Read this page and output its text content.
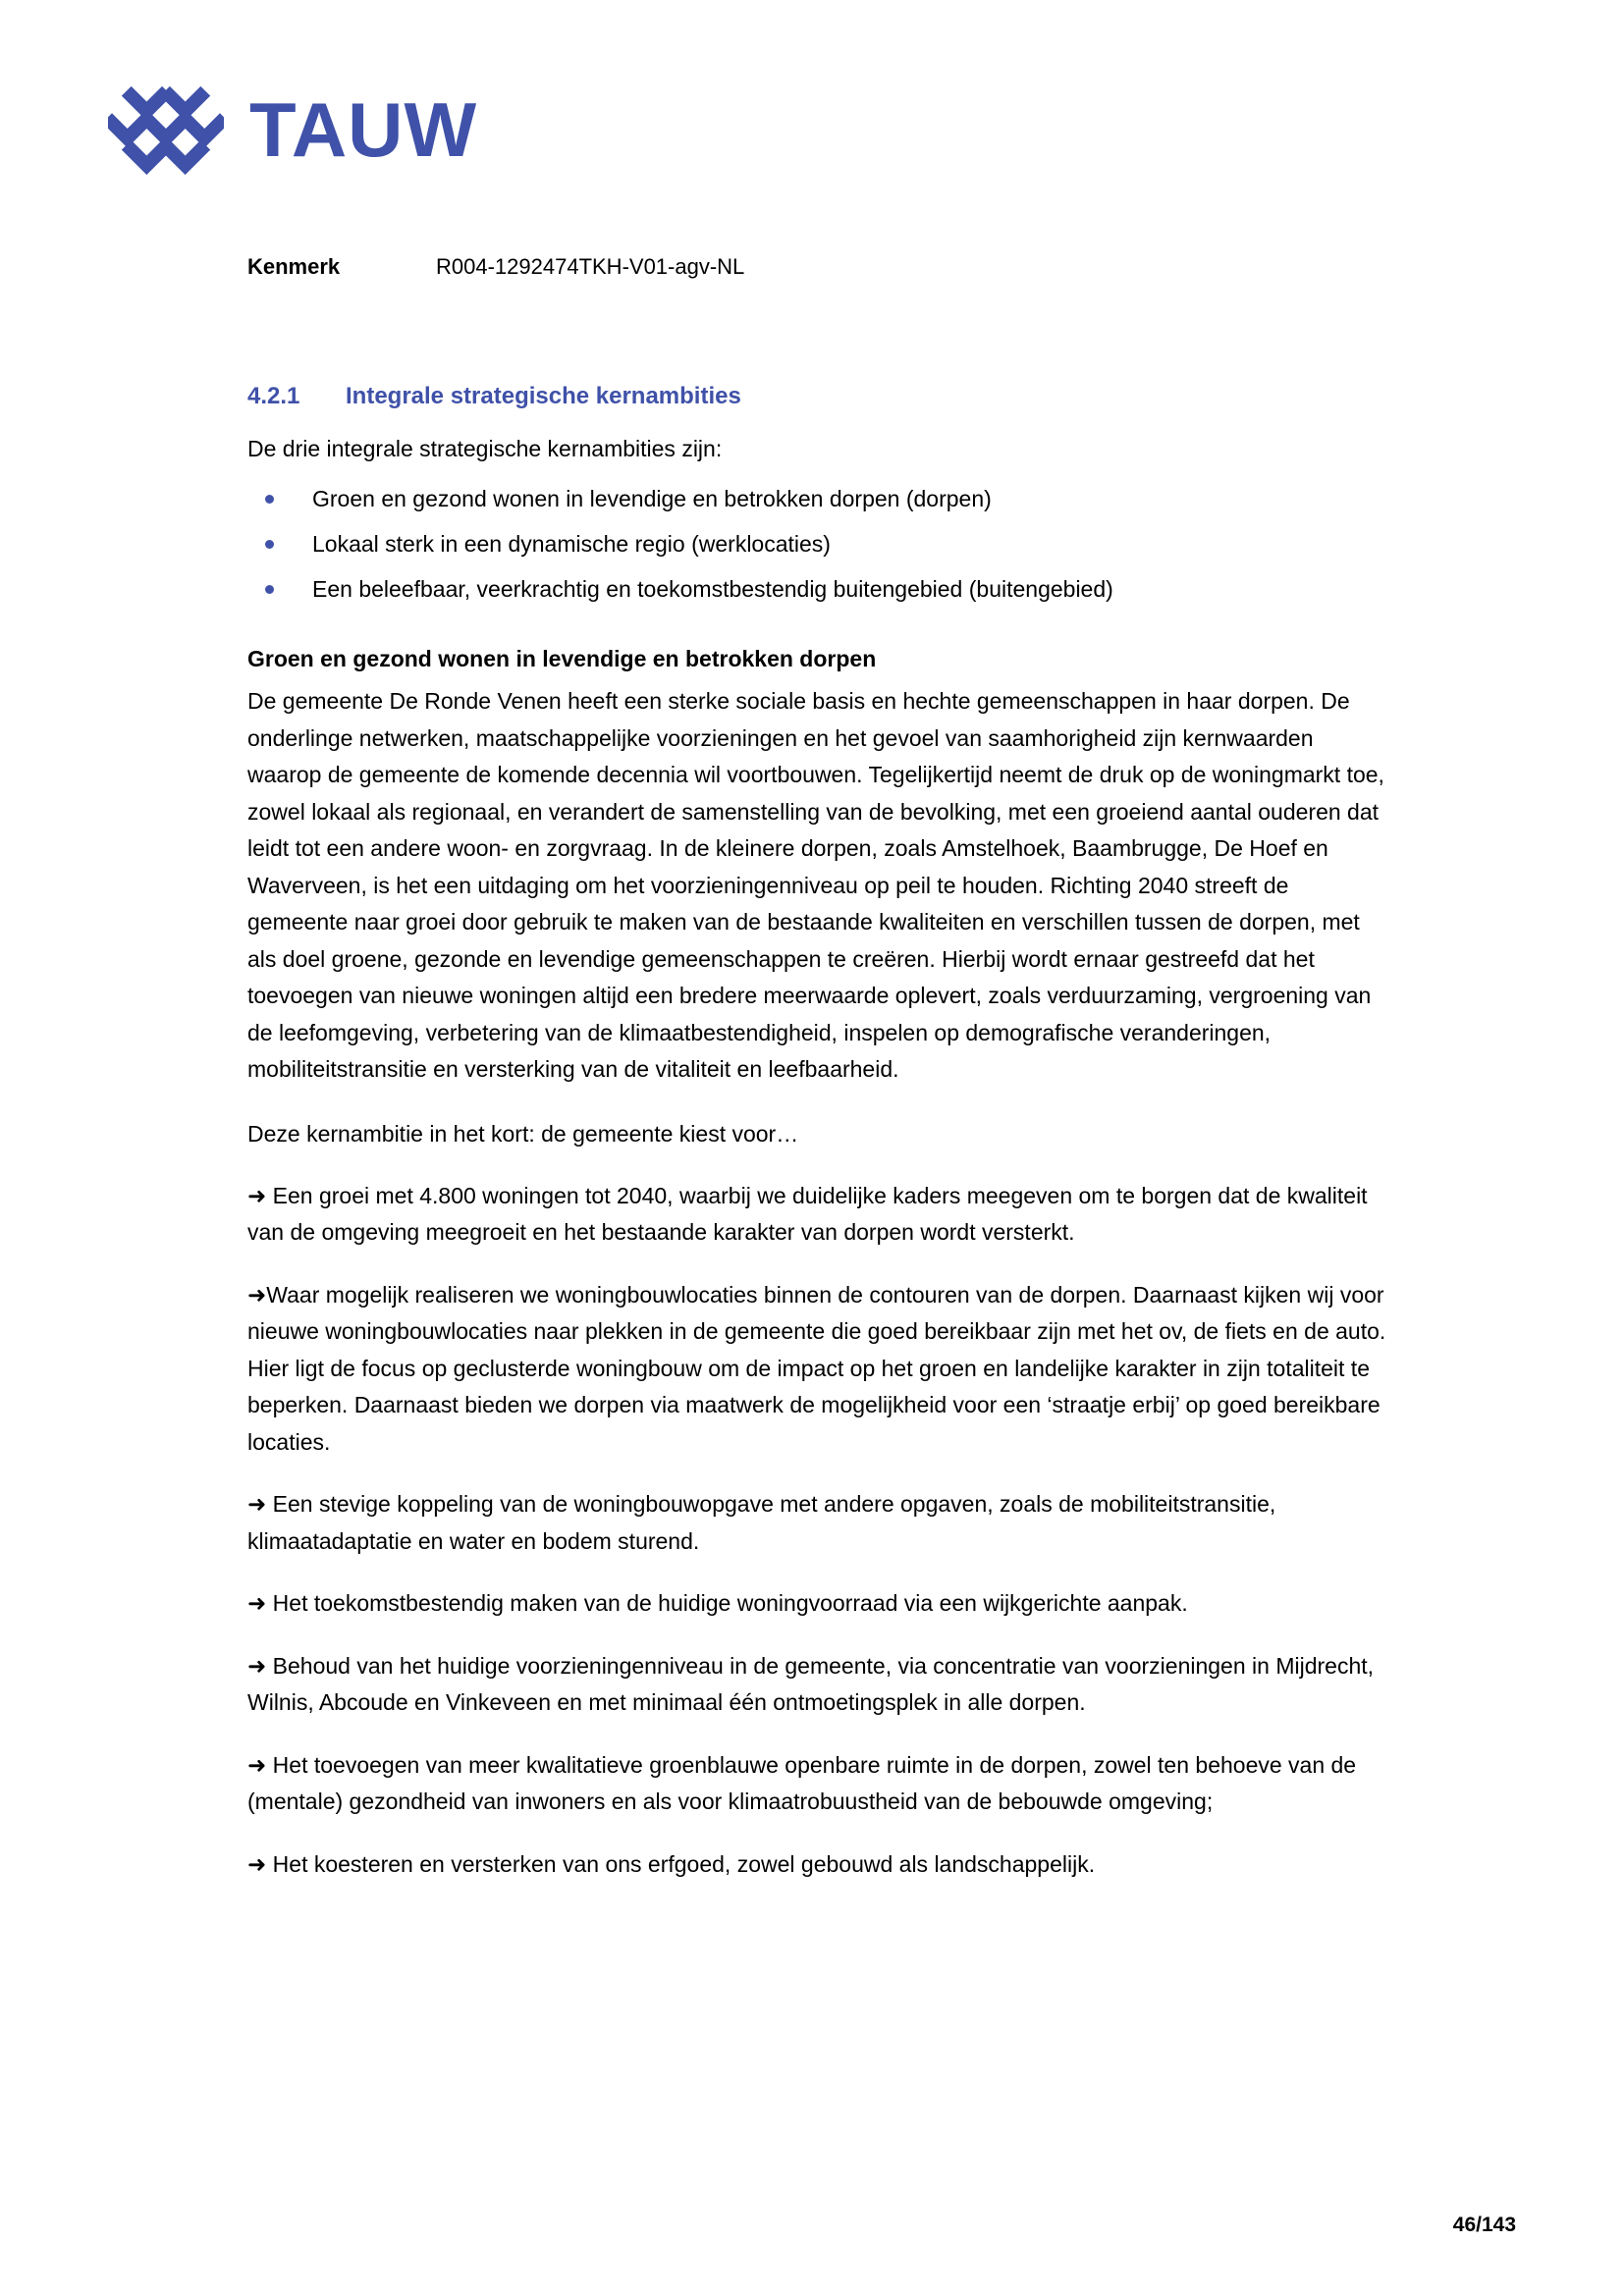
TAUW
Kenmerk	R004-1292474TKH-V01-agv-NL
4.2.1	Integrale strategische kernambities
De drie integrale strategische kernambities zijn:
Groen en gezond wonen in levendige en betrokken dorpen (dorpen)
Lokaal sterk in een dynamische regio (werklocaties)
Een beleefbaar, veerkrachtig en toekomstbestendig buitengebied (buitengebied)
Groen en gezond wonen in levendige en betrokken dorpen

De gemeente De Ronde Venen heeft een sterke sociale basis en hechte gemeenschappen in haar dorpen. De onderlinge netwerken, maatschappelijke voorzieningen en het gevoel van saamhorigheid zijn kernwaarden waarop de gemeente de komende decennia wil voortbouwen. Tegelijkertijd neemt de druk op de woningmarkt toe, zowel lokaal als regionaal, en verandert de samenstelling van de bevolking, met een groeiend aantal ouderen dat leidt tot een andere woon- en zorgvraag. In de kleinere dorpen, zoals Amstelhoek, Baambrugge, De Hoef en Waverveen, is het een uitdaging om het voorzieningenniveau op peil te houden. Richting 2040 streeft de gemeente naar groei door gebruik te maken van de bestaande kwaliteiten en verschillen tussen de dorpen, met als doel groene, gezonde en levendige gemeenschappen te creëren. Hierbij wordt ernaar gestreefd dat het toevoegen van nieuwe woningen altijd een bredere meerwaarde oplevert, zoals verduurzaming, vergroening van de leefomgeving, verbetering van de klimaatbestendigheid, inspelen op demografische veranderingen, mobiliteitstransitie en versterking van de vitaliteit en leefbaarheid.

Deze kernambitie in het kort: de gemeente kiest voor…

➜ Een groei met 4.800 woningen tot 2040, waarbij we duidelijke kaders meegeven om te borgen dat de kwaliteit van de omgeving meegroeit en het bestaande karakter van dorpen wordt versterkt.

➜Waar mogelijk realiseren we woningbouwlocaties binnen de contouren van de dorpen. Daarnaast kijken wij voor nieuwe woningbouwlocaties naar plekken in de gemeente die goed bereikbaar zijn met het ov, de fiets en de auto. Hier ligt de focus op geclusterde woningbouw om de impact op het groen en landelijke karakter in zijn totaliteit te beperken. Daarnaast bieden we dorpen via maatwerk de mogelijkheid voor een ‘straatje erbij’ op goed bereikbare locaties.

➜ Een stevige koppeling van de woningbouwopgave met andere opgaven, zoals de mobiliteitstransitie, klimaatadaptatie en water en bodem sturend.

➜ Het toekomstbestendig maken van de huidige woningvoorraad via een wijkgerichte aanpak.

➜ Behoud van het huidige voorzieningenniveau in de gemeente, via concentratie van voorzieningen in Mijdrecht, Wilnis, Abcoude en Vinkeveen en met minimaal één ontmoetingsplek in alle dorpen.

➜ Het toevoegen van meer kwalitatieve groenblauwe openbare ruimte in de dorpen, zowel ten behoeve van de (mentale) gezondheid van inwoners en als voor klimaatrobuustheid van de bebouwde omgeving;

➜ Het koesteren en versterken van ons erfgoed, zowel gebouwd als landschappelijk.

46/143
